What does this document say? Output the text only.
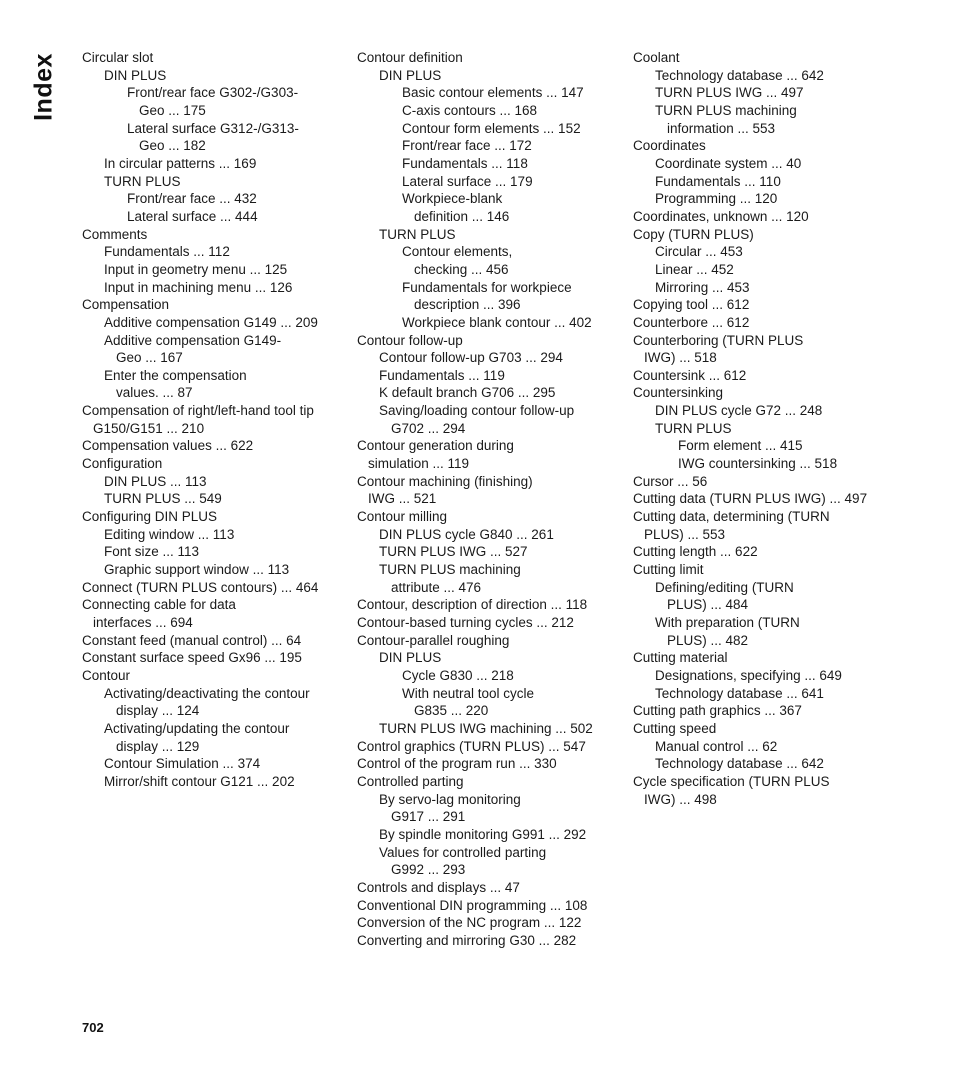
Index Circular slot
DIN PLUS
Front/rear face G302-/G303-
Geo ... 175
Lateral surface G312-/G313-
Geo ... 182
In circular patterns ... 169
TURN PLUS
Front/rear face ... 432
Lateral surface ... 444
Comments
Fundamentals ... 112
Input in geometry menu ... 125
Input in machining menu ... 126
Compensation
Additive compensation G149 ... 209
Additive compensation G149-
Geo ... 167
Enter the compensation
values. ... 87
Compensation of right/left-hand tool tip
G150/G151 ... 210
Compensation values ... 622
Configuration
DIN PLUS ... 113
TURN PLUS ... 549
Configuring DIN PLUS
Editing window ... 113
Font size ... 113
Graphic support window ... 113
Connect (TURN PLUS contours) ... 464
Connecting cable for data
interfaces ... 694
Constant feed (manual control) ... 64
Constant surface speed Gx96 ... 195
Contour
Activating/deactivating the contour
display ... 124
Activating/updating the contour
display ... 129
Contour Simulation ... 374
Mirror/shift contour G121 ... 202
Contour definition
DIN PLUS
Basic contour elements ... 147
C-axis contours ... 168
Contour form elements ... 152
Front/rear face ... 172
Fundamentals ... 118
Lateral surface ... 179
Workpiece-blank
definition ... 146
TURN PLUS
Contour elements,
checking ... 456
Fundamentals for workpiece
description ... 396
Workpiece blank contour ... 402
Contour follow-up
Contour follow-up G703 ... 294
Fundamentals ... 119
K default branch G706 ... 295
Saving/loading contour follow-up
G702 ... 294
Contour generation during
simulation ... 119
Contour machining (finishing)
IWG ... 521
Contour milling
DIN PLUS cycle G840 ... 261
TURN PLUS IWG ... 527
TURN PLUS machining
attribute ... 476
Contour, description of direction ... 118
Contour-based turning cycles ... 212
Contour-parallel roughing
DIN PLUS
Cycle G830 ... 218
With neutral tool cycle
G835 ... 220
TURN PLUS IWG machining ... 502
Control graphics (TURN PLUS) ... 547
Control of the program run ... 330
Controlled parting
By servo-lag monitoring
G917 ... 291
By spindle monitoring G991 ... 292
Values for controlled parting
G992 ... 293
Controls and displays ... 47
Conventional DIN programming ... 108
Conversion of the NC program ... 122
Converting and mirroring G30 ... 282
Coolant
Technology database ... 642
TURN PLUS IWG ... 497
TURN PLUS machining
information ... 553
Coordinates
Coordinate system ... 40
Fundamentals ... 110
Programming ... 120
Coordinates, unknown ... 120
Copy (TURN PLUS)
Circular ... 453
Linear ... 452
Mirroring ... 453
Copying tool ... 612
Counterbore ... 612
Counterboring (TURN PLUS
IWG) ... 518
Countersink ... 612
Countersinking
DIN PLUS cycle G72 ... 248
TURN PLUS
Form element ... 415
IWG countersinking ... 518
Cursor ... 56
Cutting data (TURN PLUS IWG) ... 497
Cutting data, determining (TURN
PLUS) ... 553
Cutting length ... 622
Cutting limit
Defining/editing (TURN
PLUS) ... 484
With preparation (TURN
PLUS) ... 482
Cutting material
Designations, specifying ... 649
Technology database ... 641
Cutting path graphics ... 367
Cutting speed
Manual control ... 62
Technology database ... 642
Cycle specification (TURN PLUS
IWG) ... 498
702
